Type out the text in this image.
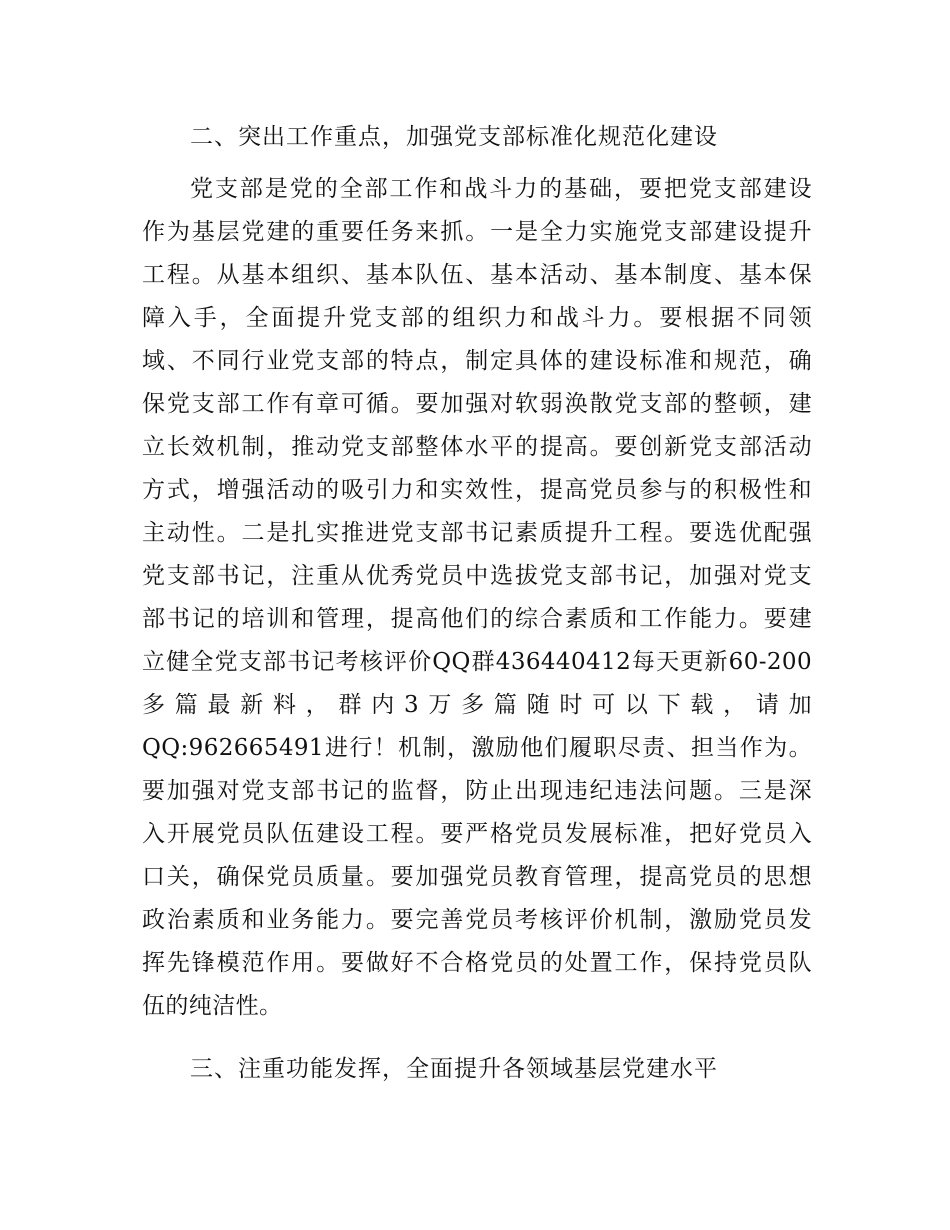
二、突出工作重点，加强党支部标准化规范化建设
党支部是党的全部工作和战斗力的基础，要把党支部建设
作为基层党建的重要任务来抓。一是全力实施党支部建设提升
工程。从基本组织、基本队伍、基本活动、基本制度、基本保
障入手，全面提升党支部的组织力和战斗力。要根据不同领
域、不同行业党支部的特点，制定具体的建设标准和规范，确
保党支部工作有章可循。要加强对软弱涣散党支部的整顿，建
立长效机制，推动党支部整体水平的提高。要创新党支部活动
方式，增强活动的吸引力和实效性，提高党员参与的积极性和
主动性。二是扎实推进党支部书记素质提升工程。要选优配强
党支部书记，注重从优秀党员中选拔党支部书记，加强对党支
部书记的培训和管理，提高他们的综合素质和工作能力。要建
立健全党支部书记考核评价QQ群436440412每天更新60-200
多篇最新料，群内3万多篇随时可以下载，请加
QQ:962665491进行！机制，激励他们履职尽责、担当作为。
要加强对党支部书记的监督，防止出现违纪违法问题。三是深
入开展党员队伍建设工程。要严格党员发展标准，把好党员入
口关，确保党员质量。要加强党员教育管理，提高党员的思想
政治素质和业务能力。要完善党员考核评价机制，激励党员发
挥先锋模范作用。要做好不合格党员的处置工作，保持党员队
伍的纯洁性。
三、注重功能发挥，全面提升各领域基层党建水平
